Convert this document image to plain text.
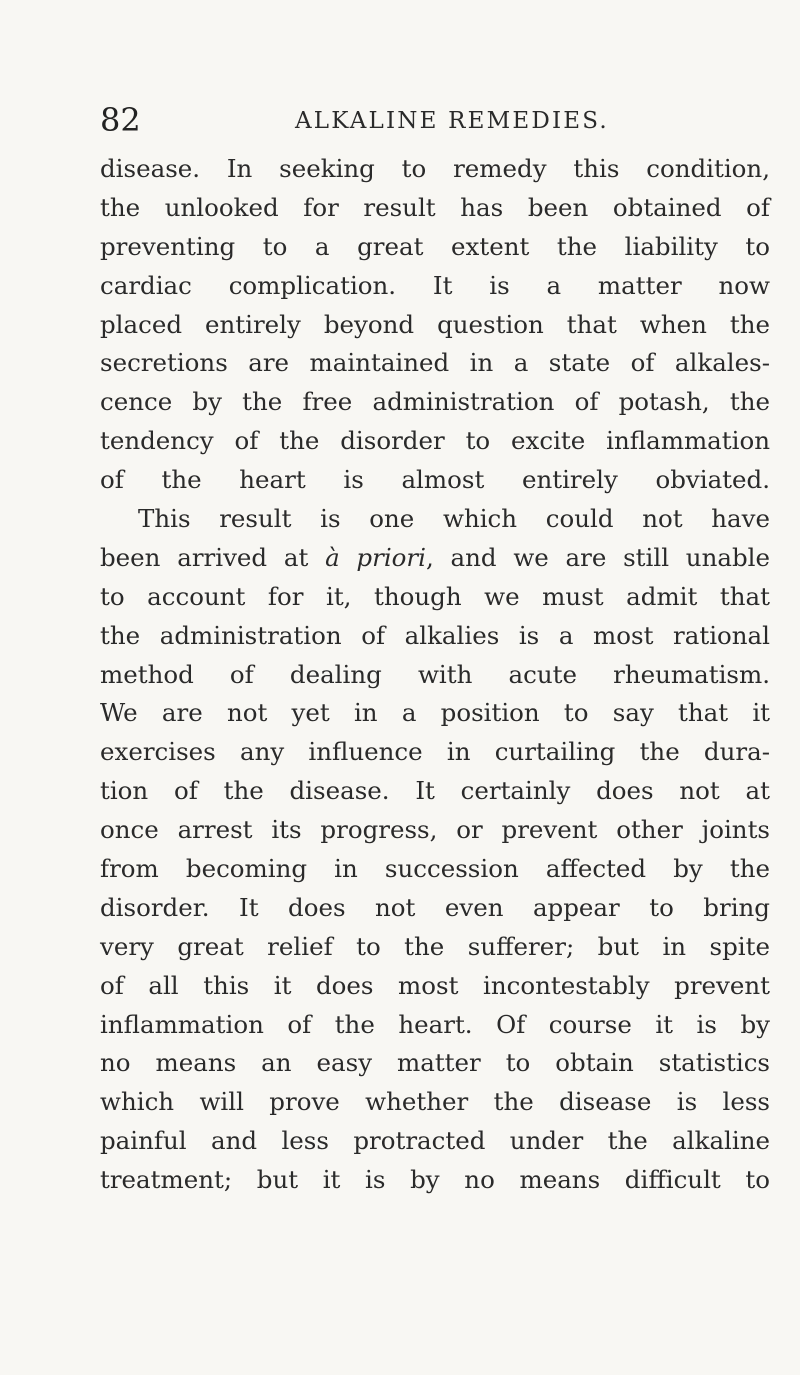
82	ALKALINE REMEDIES.
disease. In seeking to remedy this condition,
the unlooked for result has been obtained of
preventing to a great extent the liability to
cardiac complication. It is a matter now
placed entirely beyond question that when the
secretions are maintained in a state of alkales-
cence by the free administration of potash, the
tendency of the disorder to excite inflammation
of the heart is almost entirely obviated.
This result is one which could not have
been arrived at à priori, and we are still unable
to account for it, though we must admit that
the administration of alkalies is a most rational
method of dealing with acute rheumatism.
We are not yet in a position to say that it
exercises any influence in curtailing the dura-
tion of the disease. It certainly does not at
once arrest its progress, or prevent other joints
from becoming in succession affected by the
disorder. It does not even appear to bring
very great relief to the sufferer; but in spite
of all this it does most incontestably prevent
inflammation of the heart. Of course it is by
no means an easy matter to obtain statistics
which will prove whether the disease is less
painful and less protracted under the alkaline
treatment; but it is by no means difficult to
